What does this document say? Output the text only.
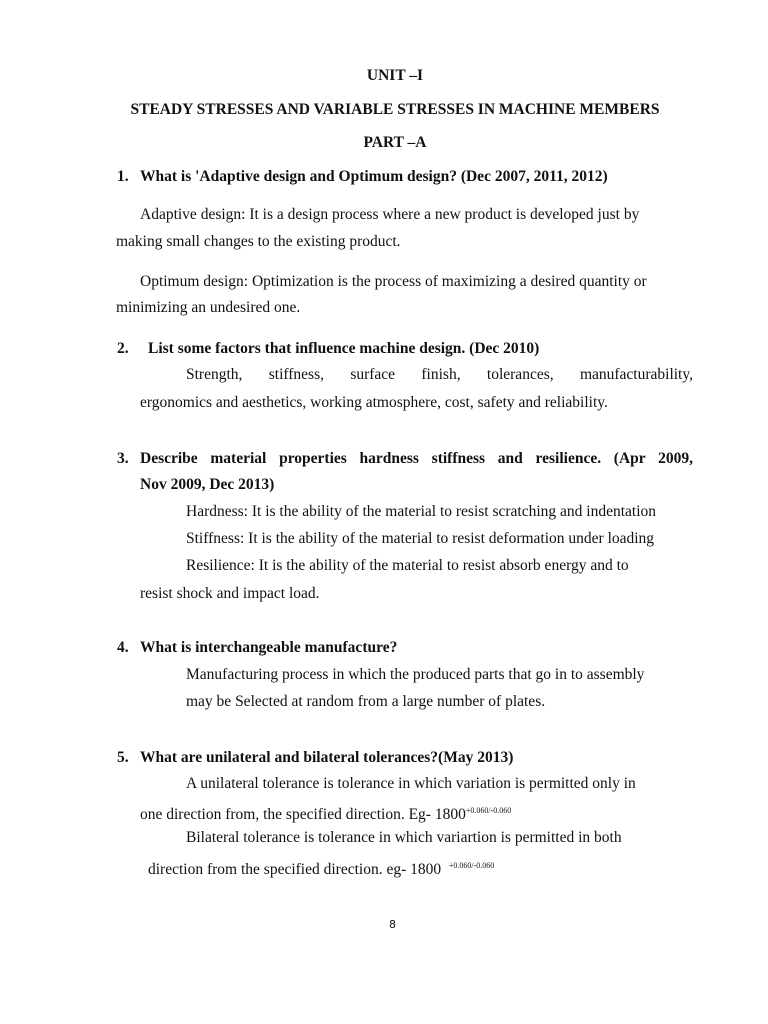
UNIT –I
STEADY STRESSES AND VARIABLE STRESSES IN MACHINE MEMBERS
PART –A
1. What is 'Adaptive design and Optimum design? (Dec 2007, 2011, 2012)
Adaptive design: It is a design process where a new product is developed just by
making small changes to the existing product.
Optimum design: Optimization is the process of maximizing a desired quantity or
minimizing an undesired one.
2. List some factors that influence machine design. (Dec 2010)
Strength, stiffness, surface finish, tolerances, manufacturability,
ergonomics and aesthetics, working atmosphere, cost, safety and reliability.
3. Describe material properties hardness stiffness and resilience. (Apr 2009,
Nov 2009, Dec 2013)
Hardness: It is the ability of the material to resist scratching and indentation
Stiffness: It is the ability of the material to resist deformation under loading
Resilience: It is the ability of the material to resist absorb energy and to
resist shock and impact load.
4. What is interchangeable manufacture?
Manufacturing process in which the produced parts that go in to assembly
may be Selected at random from a large number of plates.
5. What are unilateral and bilateral tolerances?(May 2013)
A unilateral tolerance is tolerance in which variation is permitted only in
one direction from, the specified direction. Eg- $1800^{+0.060/-0.060}$
Bilateral tolerance is tolerance in which variartion is permitted in both
direction from the specified direction. eg- 1800  $^{+0.060/-0.060}$
8
